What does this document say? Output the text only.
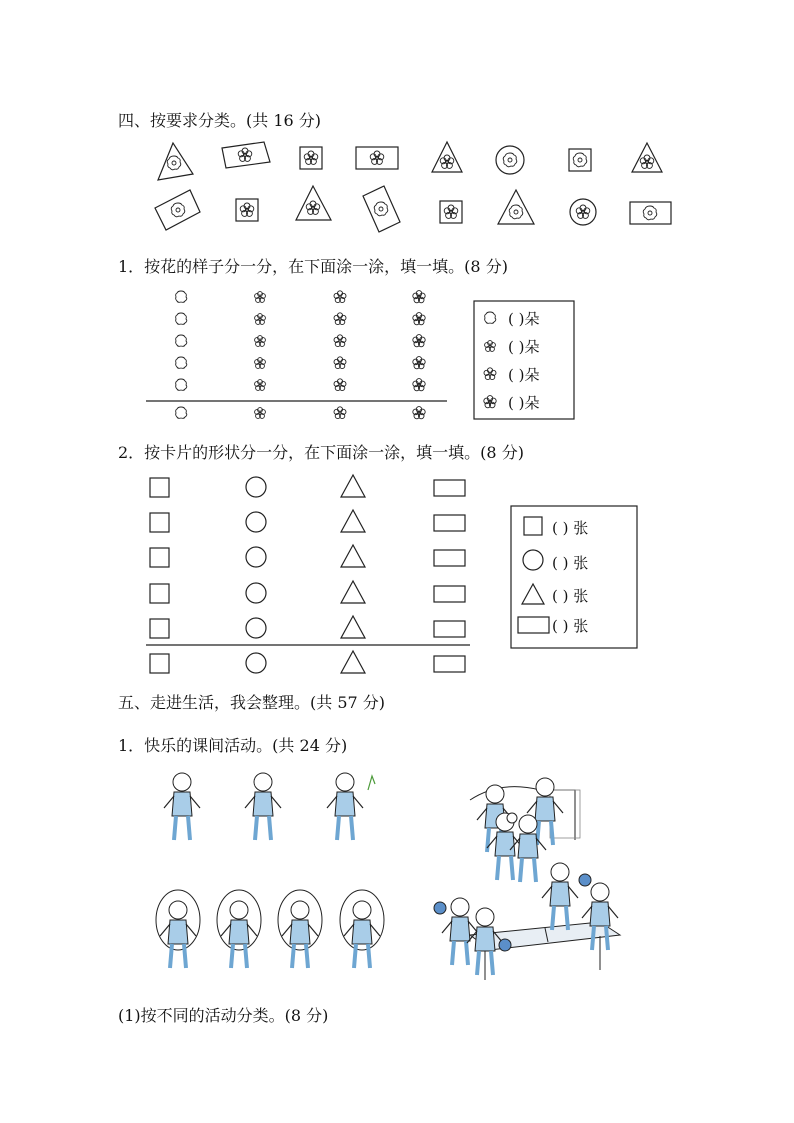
四、按要求分类。(共 16 分)
1．按花的样子分一分，在下面涂一涂，填一填。(8 分)
( )朵
( )朵
( )朵
( )朵
2．按卡片的形状分一分，在下面涂一涂，填一填。(8 分)
( ) 张
( ) 张
( ) 张
( ) 张
五、走进生活，我会整理。(共 57 分)
1．快乐的课间活动。(共 24 分)
(1)按不同的活动分类。(8 分)
